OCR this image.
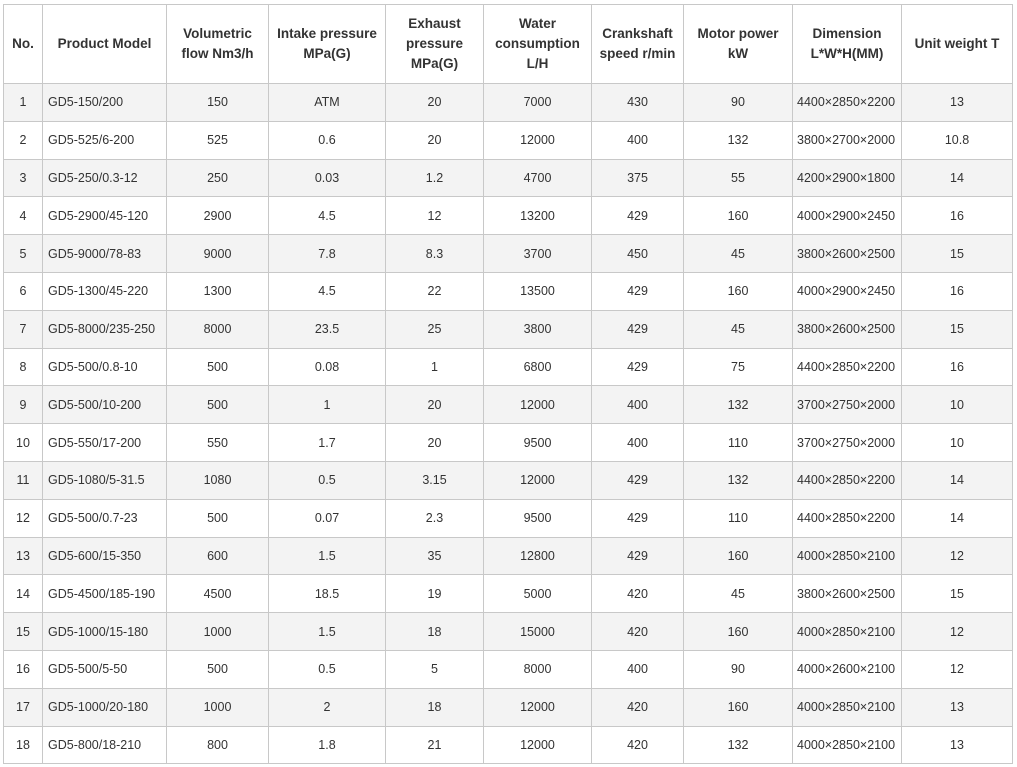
No.	Product Model	Volumetric flow Nm3/h	Intake pressure MPa(G)	Exhaust pressure MPa(G)	Water consumption L/H	Crankshaft speed r/min	Motor power kW	Dimension L*W*H(MM)	Unit weight T
1	GD5-150/200	150	ATM	20	7000	430	90	4400×2850×2200	13
2	GD5-525/6-200	525	0.6	20	12000	400	132	3800×2700×2000	10.8
3	GD5-250/0.3-12	250	0.03	1.2	4700	375	55	4200×2900×1800	14
4	GD5-2900/45-120	2900	4.5	12	13200	429	160	4000×2900×2450	16
5	GD5-9000/78-83	9000	7.8	8.3	3700	450	45	3800×2600×2500	15
6	GD5-1300/45-220	1300	4.5	22	13500	429	160	4000×2900×2450	16
7	GD5-8000/235-250	8000	23.5	25	3800	429	45	3800×2600×2500	15
8	GD5-500/0.8-10	500	0.08	1	6800	429	75	4400×2850×2200	16
9	GD5-500/10-200	500	1	20	12000	400	132	3700×2750×2000	10
10	GD5-550/17-200	550	1.7	20	9500	400	110	3700×2750×2000	10
11	GD5-1080/5-31.5	1080	0.5	3.15	12000	429	132	4400×2850×2200	14
12	GD5-500/0.7-23	500	0.07	2.3	9500	429	110	4400×2850×2200	14
13	GD5-600/15-350	600	1.5	35	12800	429	160	4000×2850×2100	12
14	GD5-4500/185-190	4500	18.5	19	5000	420	45	3800×2600×2500	15
15	GD5-1000/15-180	1000	1.5	18	15000	420	160	4000×2850×2100	12
16	GD5-500/5-50	500	0.5	5	8000	400	90	4000×2600×2100	12
17	GD5-1000/20-180	1000	2	18	12000	420	160	4000×2850×2100	13
18	GD5-800/18-210	800	1.8	21	12000	420	132	4000×2850×2100	13
